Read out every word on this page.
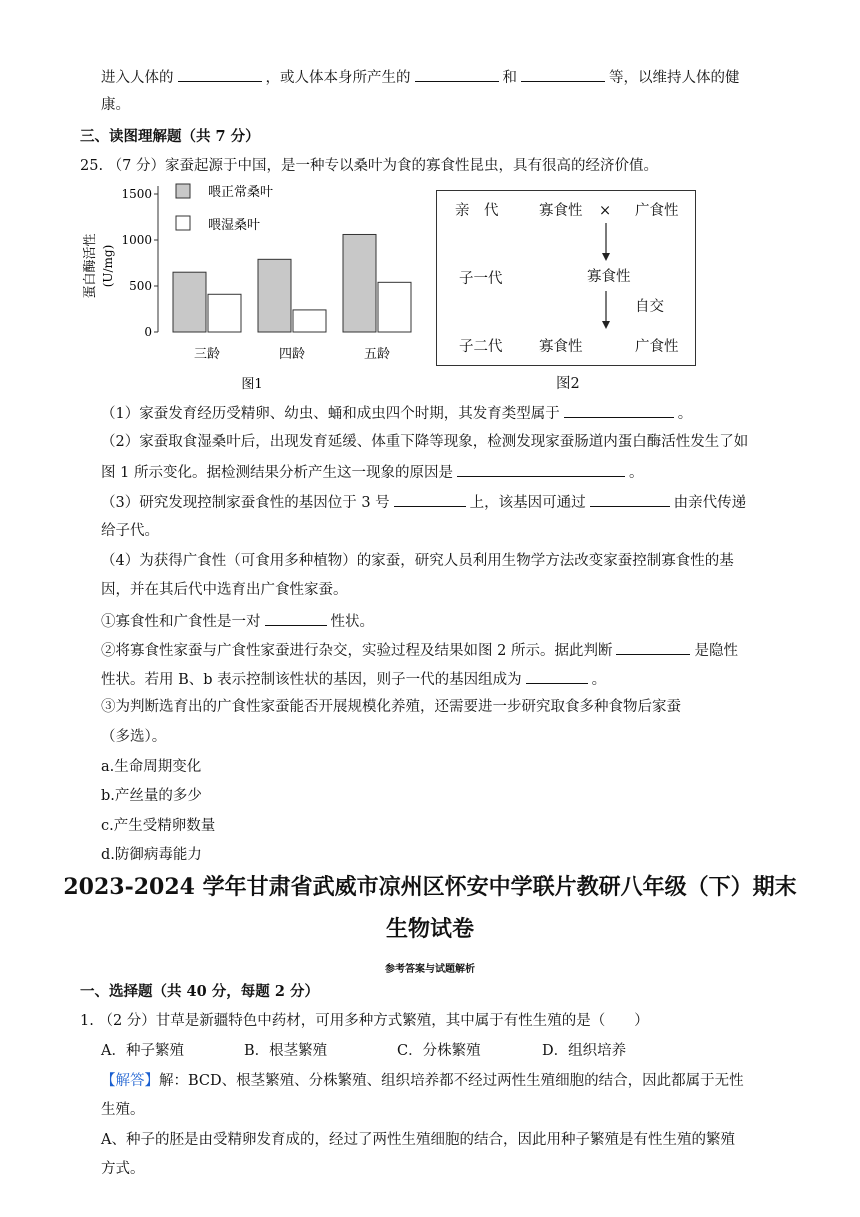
进入人体的	，或人体本身所产生的	和	等，以维持人体的健
康。
三、读图理解题（共 7 分）
25. （7 分）家蚕起源于中国，是一种专以桑叶为食的寡食性昆虫，具有很高的经济价值。
蛋白酶活性 (U/mg)
1500
1000
500
0
三龄	四龄	五龄
喂正常桑叶
喂湿桑叶
图1
亲　代	寡食性 × 广食性
子一代	寡食性
自交
子二代	寡食性	广食性
图2
（1）家蚕发育经历受精卵、幼虫、蛹和成虫四个时期，其发育类型属于	。
（2）家蚕取食湿桑叶后，出现发育延缓、体重下降等现象，检测发现家蚕肠道内蛋白酶活性发生了如
图 1 所示变化。据检测结果分析产生这一现象的原因是	。
（3）研究发现控制家蚕食性的基因位于 3 号	上，该基因可通过	由亲代传递
给子代。
（4）为获得广食性（可食用多种植物）的家蚕，研究人员利用生物学方法改变家蚕控制寡食性的基
因，并在其后代中选育出广食性家蚕。
①寡食性和广食性是一对	性状。
②将寡食性家蚕与广食性家蚕进行杂交，实验过程及结果如图 2 所示。据此判断	是隐性
性状。若用 B、b 表示控制该性状的基因，则子一代的基因组成为	。
③为判断选育出的广食性家蚕能否开展规模化养殖，还需要进一步研究取食多种食物后家蚕
（多选）。
a.生命周期变化
b.产丝量的多少
c.产生受精卵数量
d.防御病毒能力
2023-2024 学年甘肃省武威市凉州区怀安中学联片教研八年级（下）期末
生物试卷
参考答案与试题解析
一、选择题（共 40 分，每题 2 分）
1. （2 分）甘草是新疆特色中药材，可用多种方式繁殖，其中属于有性生殖的是（　　）
A．种子繁殖	B．根茎繁殖	C．分株繁殖	D．组织培养
【解答】解：BCD、根茎繁殖、分株繁殖、组织培养都不经过两性生殖细胞的结合，因此都属于无性
生殖。
A、种子的胚是由受精卵发育成的，经过了两性生殖细胞的结合，因此用种子繁殖是有性生殖的繁殖
方式。
